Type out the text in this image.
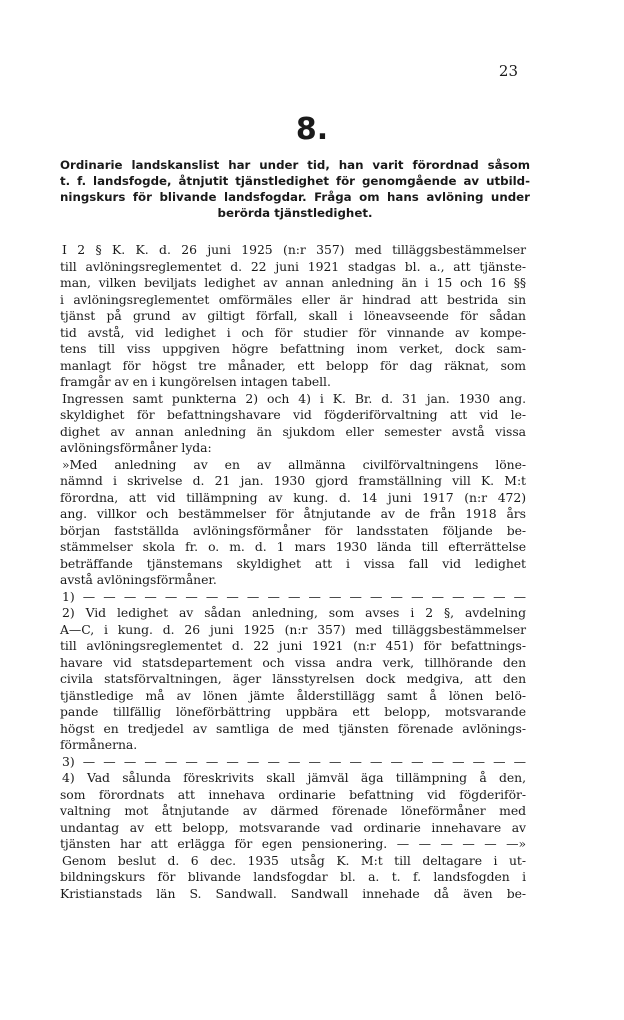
23
8.
Ordinarie landskanslist har under tid, han varit förordnad såsom
t. f. landsfogde, åtnjutit tjänstledighet för genomgående av utbild-
ningskurs för blivande landsfogdar. Fråga om hans avlöning under
berörda tjänstledighet.
I 2 § K. K. d. 26 juni 1925 (n:r 357) med tilläggsbestämmelser
till avlöningsreglementet d. 22 juni 1921 stadgas bl. a., att tjänste-
man, vilken beviljats ledighet av annan anledning än i 15 och 16 §§
i avlöningsreglementet omförmäles eller är hindrad att bestrida sin
tjänst på grund av giltigt förfall, skall i löneavseende för sådan
tid avstå, vid ledighet i och för studier för vinnande av kompe-
tens till viss uppgiven högre befattning inom verket, dock sam-
manlagt för högst tre månader, ett belopp för dag räknat, som
framgår av en i kungörelsen intagen tabell.
Ingressen samt punkterna 2) och 4) i K. Br. d. 31 jan. 1930 ang.
skyldighet för befattningshavare vid fögderiförvaltning att vid le-
dighet av annan anledning än sjukdom eller semester avstå vissa
avlöningsförmåner lyda:
»Med anledning av en av allmänna civilförvaltningens löne-
nämnd i skrivelse d. 21 jan. 1930 gjord framställning vill K. M:t
förordna, att vid tillämpning av kung. d. 14 juni 1917 (n:r 472)
ang. villkor och bestämmelser för åtnjutande av de från 1918 års
början fastställda avlöningsförmåner för landsstaten följande be-
stämmelser skola fr. o. m. d. 1 mars 1930 lända till efterrättelse
beträffande tjänstemans skyldighet att i vissa fall vid ledighet
avstå avlöningsförmåner.
1) — — — — — — — — — — — — — — — — — — — — — —
2) Vid ledighet av sådan anledning, som avses i 2 §, avdelning
A—C, i kung. d. 26 juni 1925 (n:r 357) med tilläggsbestämmelser
till avlöningsreglementet d. 22 juni 1921 (n:r 451) för befattnings-
havare vid statsdepartement och vissa andra verk, tillhörande den
civila statsförvaltningen, äger länsstyrelsen dock medgiva, att den
tjänstledige må av lönen jämte ålderstillägg samt å lönen belö-
pande tillfällig löneförbättring uppbära ett belopp, motsvarande
högst en tredjedel av samtliga de med tjänsten förenade avlönings-
förmånerna.
3) — — — — — — — — — — — — — — — — — — — — — —
4) Vad sålunda föreskrivits skall jämväl äga tillämpning å den,
som förordnats att innehava ordinarie befattning vid fögderiför-
valtning mot åtnjutande av därmed förenade löneförmåner med
undantag av ett belopp, motsvarande vad ordinarie innehavare av
tjänsten har att erlägga för egen pensionering. — — — — — —»
Genom beslut d. 6 dec. 1935 utsåg K. M:t till deltagare i ut-
bildningskurs för blivande landsfogdar bl. a. t. f. landsfogden i
Kristianstads län S. Sandwall. Sandwall innehade då även be-
